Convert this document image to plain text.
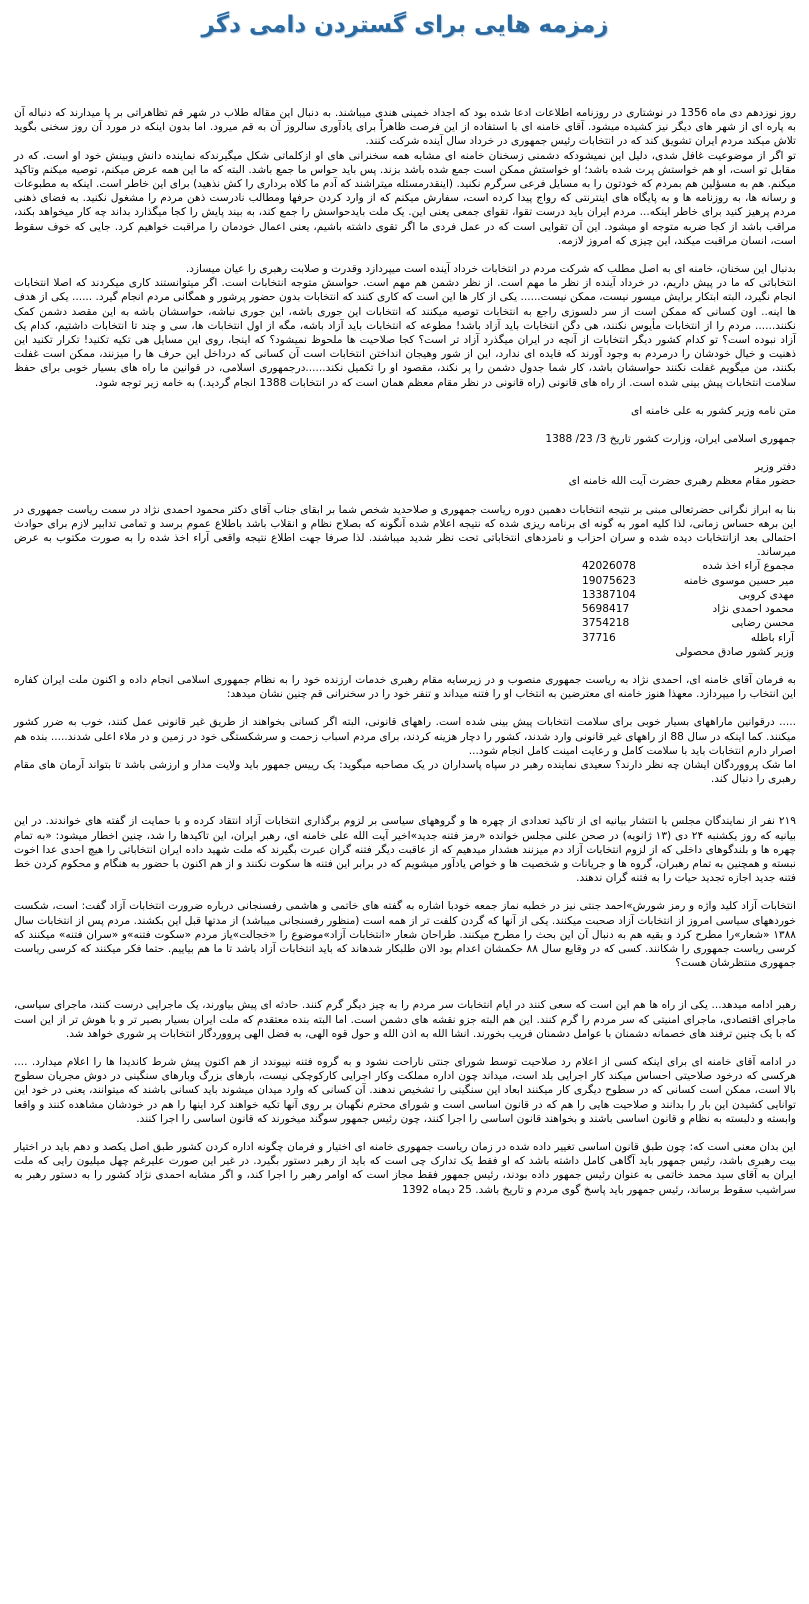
زمزمه هایی برای گستردن دامی دگر

روز نوزدهم دی ماه 1356 در نوشتاری در روزنامه اطلاعات ادعا شده بود که اجداد خمینی هندی میباشند. به دنبال این مقاله طلاب در شهر قم تظاهراتی بر پا میدارند که دنباله آن به پاره ای از شهر های دیگر نیز کشیده میشود. آقای خامنه ای با استفاده از این فرصت ظاهراً برای یادآوری سالروز آن به قم میرود. اما بدون اینکه در مورد آن روز سخنی بگوید تلاش میکند مردم ایران تشویق کند که در انتخابات رئیس جمهوری در خرداد سال آینده شرکت کنند.
تو اگر از موضوعیت غافل شدی، دلیل این نمیشودکه دشمنی زسخنان خامنه ای مشابه همه سخنرانی های او ازکلماتی شکل میگیرندکه نماینده دانش وبینش خود او است. که در مقابل تو است، او هم خواستش پرت شده باشد؛ او خواستش ممکن است جمع شده باشد بزند. پس باید حواس ما جمع باشد. البته که ما این همه عرض میکنم، توصیه میکنم وتاکید میکنم. هم به مسؤلین هم بمردم که خودتون را به مسایل فرعی سرگرم نکنید. (اینقدرمسئله میتراشند که آدم ما کلاه برداری را کش نذهید) برای این خاطر است. اینکه به مطبوعات و رسانه ها، به روزنامه ها و به پایگاه های اینترنتی که رواج پیدا کرده است، سفارش میکنم که از وارد کردن حرفها ومطالب نادرست ذهن مردم را مشغول نکنید. به فضای ذهنی مردم پرهیز کنید برای خاطر اینکه... مردم ایران باید درست تقوا، تقوای جمعی یعنی این. یک ملت بایدحواسش را جمع کند، به بیند پایش را کجا میگذارد بداند چه کار میخواهد بکند، مراقب باشد از کجا ضربه متوجه او میشود. این آن تقوایی است که در عمل فردی ما اگر تقوی داشته باشیم، یعنی اعمال خودمان را مراقبت خواهیم کرد. جایی که خوف سقوط است، انسان مراقبت میکند، این چیزی که امروز لازمه.

بدنبال این سخنان، خامنه ای به اصل مطلب که شرکت مردم در انتخابات خرداد آینده است میپردازد وقدرت و صلابت رهبری را عیان میسازد.
انتخاباتی که ما در پیش داریم، در خرداد آینده از نظر ما مهم است. از نظر دشمن هم مهم است. حواسش متوجه انتخابات است. اگر میتوانستند کاری میکردند که اصلا انتخابات انجام نگیرد، البته ابتکار برایش میسور نیست، ممکن نیست...... یکی از کار ها این است که کاری کنند که انتخابات بدون حضور پرشور و همگانی مردم انجام گیرد. ...... یکی از هدف ها اینه.. اون کسانی که ممکن است از سر دلسوزی راجع به انتخابات توصیه میکنند که انتخابات این جوری باشه، این جوری نباشه، حواسشان باشه به این مقصد دشمن کمک نکنند...... مردم را از انتخابات مأیوس نکنند، هی دگن انتخابات باید آزاد باشد! مطوعه که انتخابات باید آزاد باشه، مگه از اول انتخابات ها، سی و چند تا انتخابات داشتیم، کدام یک آزاد نبوده است؟ تو کدام کشور دیگر انتخابات از آنچه در ایران میگذرد آزاد تر است؟ کجا صلاحیت ها ملحوظ نمیشود؟ که اینجا، روی این مسایل هی تکیه تکنید! تکرار تکنید این ذهنیت و خیال خودشان را درمردم به وجود آورند که فایده ای ندارد، این از شور وهیجان انداختن انتخابات است آن کسانی که درداخل این حرف ها را میزنند، ممکن است غفلت بکنند، من میگویم غفلت نکنند حواسشان باشد، کار شما جدول دشمن را پر نکند، مقصود او را تکمیل نکند......درجمهوری اسلامی، در قوانین ما راه های بسیار خوبی برای حفظ سلامت انتخابات پیش بینی شده است. از راه های قانونی (راه قانونی در نظر مقام معظم همان است که در انتخابات 1388 انجام گردید.) به خامه زیر توجه شود.

متن نامه وزیر کشور به علی خامنه ای

جمهوری اسلامی ایران، وزارت کشور تاریخ 3/ 23/ 1388

دفتر وزیر

حضور مقام معظم رهبری حضرت آیت الله خامنه ای

بنا به ابراز نگرانی حضرتعالی مبنی بر نتیجه انتخابات دهمین دوره ریاست جمهوری و صلاحدید شخص شما بر ابقای جناب آقای دکتر محمود احمدی نژاد در سمت ریاست جمهوری در این برهه حساس زمانی، لذا کلیه امور به گونه ای برنامه ریزی شده که نتیجه اعلام شده آنگونه که بصلاح نظام و انقلاب باشد باطلاع عموم برسد و تمامی تدابیر لازم برای حوادث احتمالی بعد ازانتخابات دیده شده و سران احزاب و نامزدهای انتخاباتی تحت نظر شدید میباشند. لذا صرفا جهت اطلاع نتیجه واقعی آراء اخذ شده را به صورت مکتوب به عرض میرساند.

مجموع آراء اخذ شده
42026078
میر حسین موسوی خامنه
19075623
مهدی کروبی
13387104
محمود احمدی نژاد
5698417
محسن رضایی
3754218
آراء باطله
37716
وزیر کشور صادق محصولی

به فرمان آقای خامنه ای، احمدی نژاد به ریاست جمهوری منصوب و در زیرسایه مقام رهبری خدمات ارزنده خود را به نظام جمهوری اسلامی انجام داده و اکنون ملت ایران کفاره این انتخاب را میپردازد. معهذا هنوز خامنه ای معترضین به انتخاب او را فتنه میداند و تنفر خود را در سخنرانی قم چنین نشان میدهد:

..... درقوانین ماراههای بسیار خوبی برای سلامت انتخابات پیش بینی شده است. راههای قانونی، البته اگر کسانی بخواهند از طریق غیر قانونی عمل کنند، خوب به ضرر کشور میکنند. کما اینکه در سال 88 از راههای غیر قانونی وارد شدند، کشور را دچار هزینه کردند، برای مردم اسباب زحمت و سرشکستگی خود در زمین و در ملاء اعلی شدند..... بنده هم اصرار دارم انتخابات باید با سلامت کامل و رعایت امینت کامل انجام شود...
اما شک پرووردگان ایشان چه نظر دارند؟ سعیدی نماینده رهبر در سپاه پاسداران در یک مصاحبه میگوید: یک رییس جمهور باید ولایت مدار و ارزشی باشد تا بتواند آرمان های مقام رهبری را دنبال کند.

۲۱۹ نفر از نمایندگان مجلس با انتشار بیانیه ای از تاکید تعدادی از چهره ها و گروههای سیاسی بر لزوم برگذاری انتخابات آزاد انتقاد کرده و با حمایت از گفته های خواندند. در این بیانیه که روز یکشنبه ۲۴ دی (۱۳ ژانویه) در صحن علنی مجلس خوانده «رمز فتنه جدید»اخیر آیت الله علی خامنه ای، رهبر ایران، این تاکیدها را شد، چنین اخطار میشود: «به تمام چهره ها و بلندگوهای داخلی که از لزوم انتخابات آزاد دم میزنند هشدار میدهیم که از عاقبت دیگر فتنه گران عبرت بگیرند که ملت شهید داده ایران انتخاباتی را هیچ احدی عدا اخوت نبسته و همچنین به تمام رهبران، گروه ها و جریانات و شخصیت ها و خواص یادآور میشویم که در برابر این فتنه ها سکوت نکنند و از هم اکنون با حضور به هنگام و محکوم کردن خط فتنه جدید اجازه تجدید حیات را به فتنه گران ندهند.

انتخابات آزاد کلید واژه و رمز شورش»احمد جنتی نیز در خطبه نماز جمعه خودبا اشاره به گفته های خاتمی و هاشمی رفسنجانی درباره ضرورت انتخابات آزاد گفت: است، شکست خوردههای سیاسی امروز از انتخابات آزاد صحبت میکنند. یکی از آنها که گردن کلفت تر از همه است (منظور رفسنجانی میباشد) از مدتها قبل این بکشند. مردم پس از انتخابات سال ۱۳۸۸ «شعار»را مطرح کرد و بقیه هم به دنبال آن این بحث را مطرح میکنند. طراحان شعار «انتخابات آزاد»موضوع را «خجالت»یاز مردم «سکوت فتنه»و «سران فتنه» میکنند که کرسی ریاست جمهوری را شکانند. کسی که در وقایع سال ۸۸ حکمشان اعدام بود الان طلبکار شدهاند که باید انتخابات آزاد باشد تا ما هم بیاییم. حتما فکر میکنند که کرسی ریاست جمهوری منتظرشان هست؟

رهبر ادامه میدهد... یکی از راه ها هم این است که سعی کنند در ایام انتخابات سر مردم را به چیز دیگر گرم کنند. حادثه ای پیش بیاورند، یک ماجرایی درست کنند، ماجرای سیاسی، ماجرای اقتصادی، ماجرای امنیتی که سر مردم را گرم کنند. این هم البته جزو نقشه های دشمن است. اما البته بنده معتقدم که ملت ایران بسیار بصیر تر و با هوش تر از این است که با یک چنین ترفند های خصمانه دشمنان با عوامل دشمنان فریب بخورند. انشا الله به اذن الله و حول قوه الهی، به فضل الهی پرووردگار انتخابات پر شوری خواهد شد.

در ادامه آقای خامنه ای برای اینکه کسی از اعلام رد صلاحیت توسط شورای جنتی ناراحت نشود و به گروه فتنه نپیوندد از هم اکنون پیش شرط کاندیدا ها را اعلام میدارد. .... هرکسی که درخود صلاحیتی احساس میکند کار اجرایی بلد است، میداند چون اداره مملکت وکار اجرایی کارکوچکی نیست، بارهای بزرگ وبارهای سنگینی در دوش مجریان سطوح بالا است، ممکن است کسانی که در سطوح دیگری کار میکنند ابعاد این سنگینی را تشخیص ندهند. آن کسانی که وارد میدان میشوند باید کسانی باشند که میتوانند، یعنی در خود این توانایی کشیدن این بار را بدانند و صلاحیت هایی را هم که در قانون اساسی است و شورای محترم نگهبان بر روی آنها تکیه خواهند کرد اینها را هم در خودشان مشاهده کنند و واقعا وابسته و دلبسته به نظام و قانون اساسی باشند و بخواهند قانون اساسی را اجرا کنند، چون رئیس جمهور سوگند میخورند که قانون اساسی را اجرا کنند.

این بدان معنی است که: چون طبق قانون اساسی تغییر داده شده در زمان ریاست جمهوری خامنه ای اختیار و فرمان چگونه اداره کردن کشور طبق اصل یکصد و دهم باید در اختیار بیت رهبری باشد، رئیس جمهور باید آگاهی کامل داشته باشد که او فقط یک تدارک چی است که باید از رهبر دستور بگیرد. در غیر این صورت علیرغم چهل میلیون رایی که ملت ایران به آقای سید محمد خاتمی به عنوان رئیس جمهور داده بودند، رئیس جمهور فقط مجاز است که اوامر رهبر را اجرا کند، و اگر مشابه احمدی نژاد کشور را به دستور رهبر به سراشیب سقوط برساند، رئیس جمهور باید پاسخ گوی مردم و تاریخ باشد. 25 دیماه 1392
